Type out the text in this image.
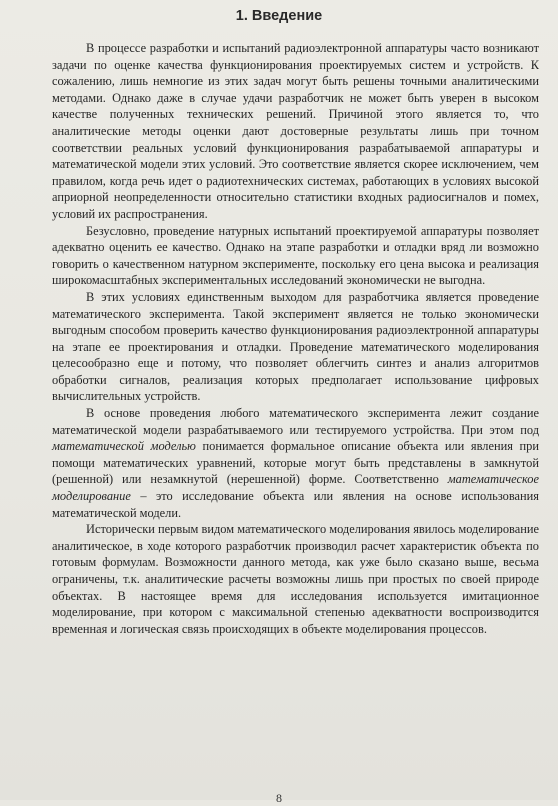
1. Введение

В процессе разработки и испытаний радиоэлектронной аппаратуры часто возникают задачи по оценке качества функционирования проектируемых систем и устройств. К сожалению, лишь немногие из этих задач могут быть решены точными аналитическими методами. Однако даже в случае удачи разработчик не может быть уверен в высоком качестве полученных технических решений. Причиной этого является то, что аналитические методы оценки дают достоверные результаты лишь при точном соответствии реальных условий функционирования разрабатываемой аппаратуры и математической модели этих условий. Это соответствие является скорее исключением, чем правилом, когда речь идет о радиотехнических системах, работающих в условиях высокой априорной неопределенности относительно статистики входных радиосигналов и помех, условий их распространения.

Безусловно, проведение натурных испытаний проектируемой аппаратуры позволяет адекватно оценить ее качество. Однако на этапе разработки и отладки вряд ли возможно говорить о качественном натурном эксперименте, поскольку его цена высока и реализация широкомасштабных экспериментальных исследований экономически не выгодна.

В этих условиях единственным выходом для разработчика является проведение математического эксперимента. Такой эксперимент является не только экономически выгодным способом проверить качество функционирования радиоэлектронной аппаратуры на этапе ее проектирования и отладки. Проведение математического моделирования целесообразно еще и потому, что позволяет облегчить синтез и анализ алгоритмов обработки сигналов, реализация которых предполагает использование цифровых вычислительных устройств.

В основе проведения любого математического эксперимента лежит создание математической модели разрабатываемого или тестируемого устройства. При этом под математической моделью понимается формальное описание объекта или явления при помощи математических уравнений, которые могут быть представлены в замкнутой (решенной) или незамкнутой (нерешенной) форме. Соответственно математическое моделирование – это исследование объекта или явления на основе использования математической модели.

Исторически первым видом математического моделирования явилось моделирование аналитическое, в ходе которого разработчик производил расчет характеристик объекта по готовым формулам. Возможности данного метода, как уже было сказано выше, весьма ограничены, т.к. аналитические расчеты возможны лишь при простых по своей природе объектах. В настоящее время для исследования используется имитационное моделирование, при котором с максимальной степенью адекватности воспроизводится временная и логическая связь происходящих в объекте моделирования процессов.

8
